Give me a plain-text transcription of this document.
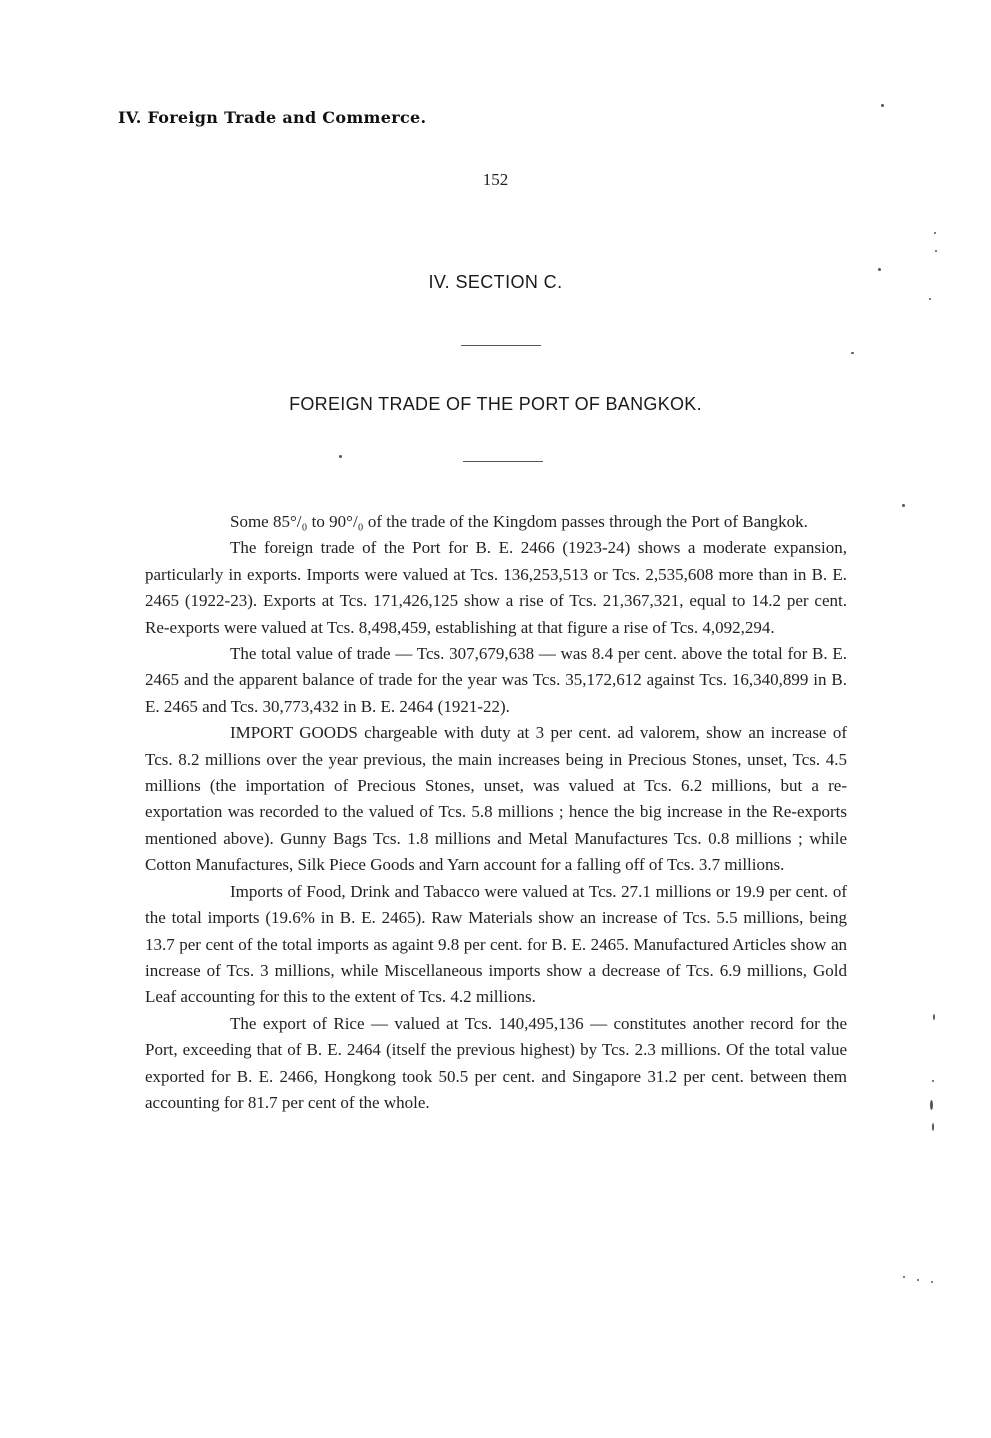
IV. Foreign Trade and Commerce.
152
IV. SECTION C.
FOREIGN TRADE OF THE PORT OF BANGKOK.

Some 85°/₀ to 90°/₀ of the trade of the Kingdom passes through the Port of Bangkok.

The foreign trade of the Port for B. E. 2466 (1923-24) shows a moderate expansion, particularly in exports. Imports were valued at Tcs. 136,253,513 or Tcs. 2,535,608 more than in B. E. 2465 (1922-23). Exports at Tcs. 171,426,125 show a rise of Tcs. 21,367,321, equal to 14.2 per cent. Re-exports were valued at Tcs. 8,498,459, establishing at that figure a rise of Tcs. 4,092,294.

The total value of trade — Tcs. 307,679,638 — was 8.4 per cent. above the total for B. E. 2465 and the apparent balance of trade for the year was Tcs. 35,172,612 against Tcs. 16,340,899 in B. E. 2465 and Tcs. 30,773,432 in B. E. 2464 (1921-22).

IMPORT GOODS chargeable with duty at 3 per cent. ad valorem, show an increase of Tcs. 8.2 millions over the year previous, the main increases being in Precious Stones, unset, Tcs. 4.5 millions (the importation of Precious Stones, unset, was valued at Tcs. 6.2 millions, but a re-exportation was recorded to the valued of Tcs. 5.8 millions ; hence the big increase in the Re-exports mentioned above). Gunny Bags Tcs. 1.8 millions and Metal Manufactures Tcs. 0.8 millions ; while Cotton Manufactures, Silk Piece Goods and Yarn account for a falling off of Tcs. 3.7 millions.

Imports of Food, Drink and Tabacco were valued at Tcs. 27.1 millions or 19.9 per cent. of the total imports (19.6% in B. E. 2465). Raw Materials show an increase of Tcs. 5.5 millions, being 13.7 per cent of the total imports as againt 9.8 per cent. for B. E. 2465. Manufactured Articles show an increase of Tcs. 3 millions, while Miscellaneous imports show a decrease of Tcs. 6.9 millions, Gold Leaf accounting for this to the extent of Tcs. 4.2 millions.

The export of Rice — valued at Tcs. 140,495,136 — constitutes another record for the Port, exceeding that of B. E. 2464 (itself the previous highest) by Tcs. 2.3 millions. Of the total value exported for B. E. 2466, Hongkong took 50.5 per cent. and Singapore 31.2 per cent. between them accounting for 81.7 per cent of the whole.
